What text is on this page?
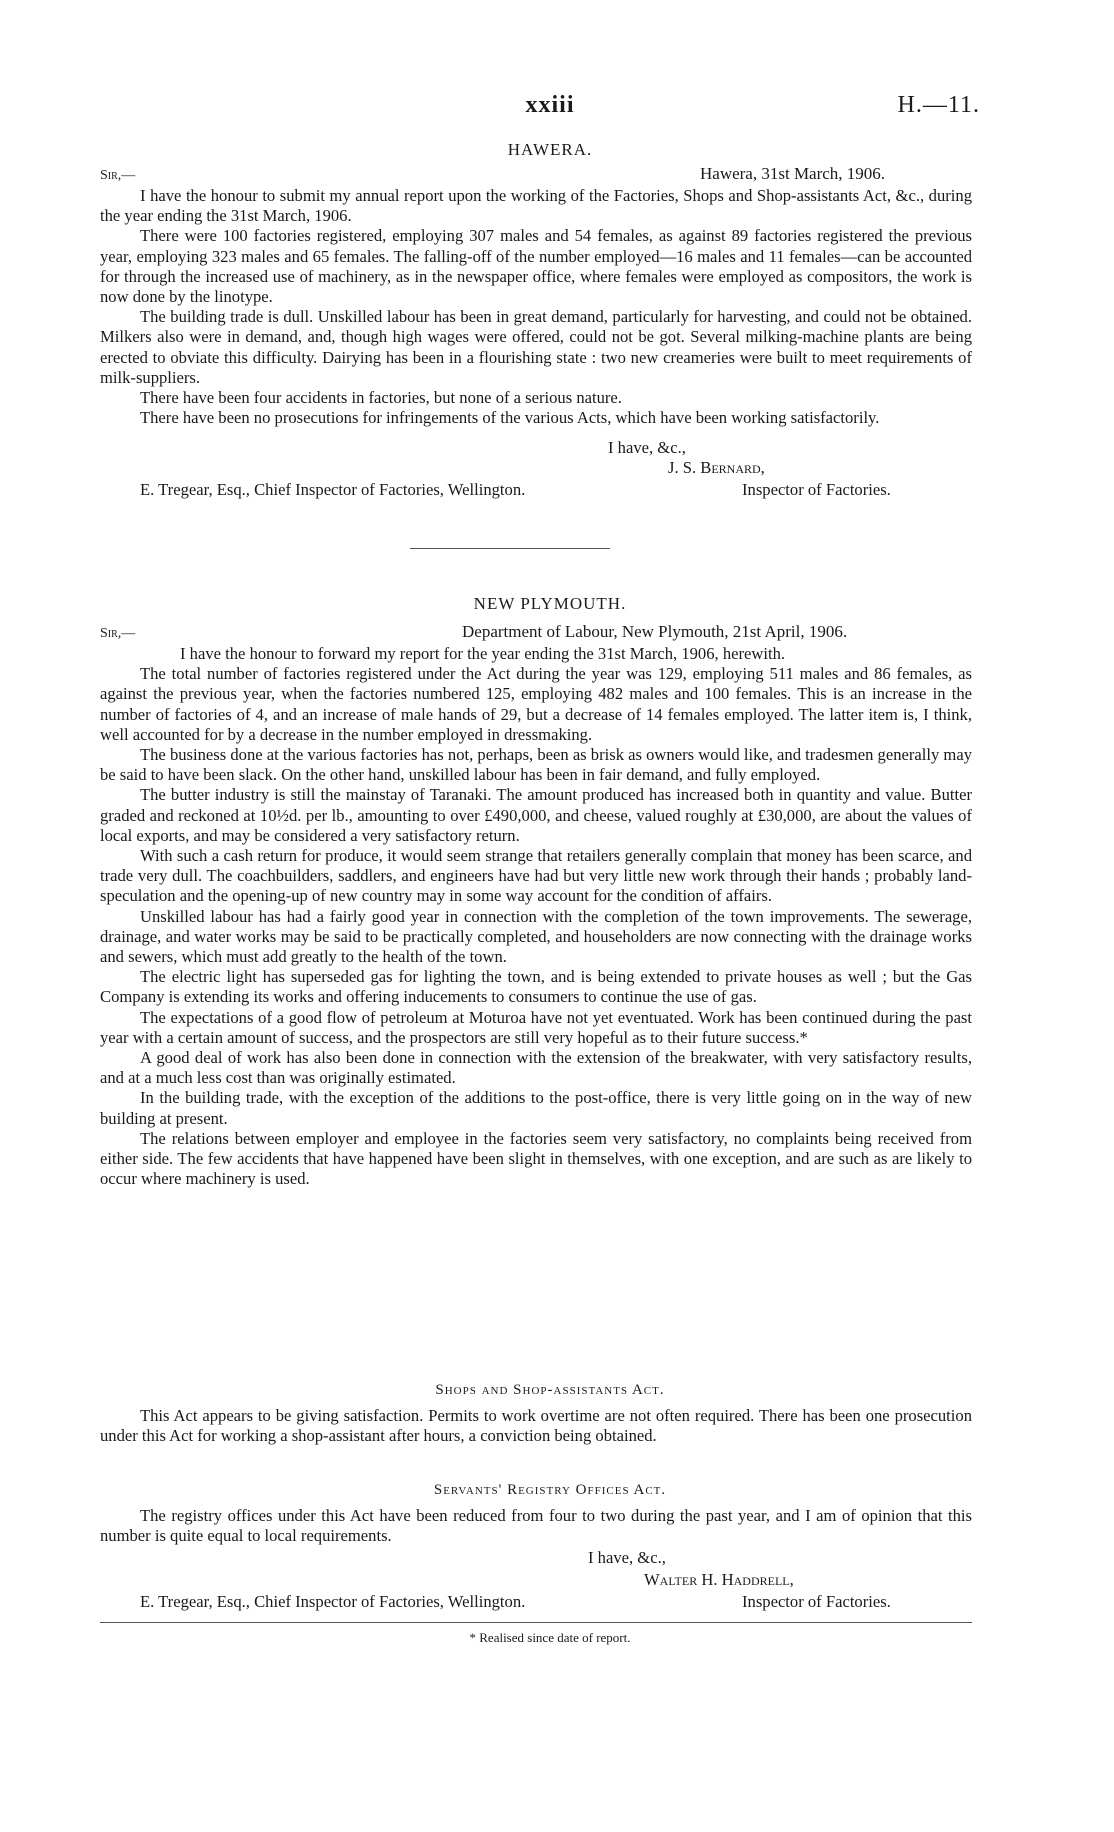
xxiii	H.—11.
HAWERA.
Sir,—	Hawera, 31st March, 1906.

I have the honour to submit my annual report upon the working of the Factories, Shops and Shop-assistants Act, &c., during the year ending the 31st March, 1906.

There were 100 factories registered, employing 307 males and 54 females, as against 89 factories registered the previous year, employing 323 males and 65 females. The falling-off of the number employed—16 males and 11 females—can be accounted for through the increased use of machinery, as in the newspaper office, where females were employed as compositors, the work is now done by the linotype.

The building trade is dull. Unskilled labour has been in great demand, particularly for harvesting, and could not be obtained. Milkers also were in demand, and, though high wages were offered, could not be got. Several milking-machine plants are being erected to obviate this difficulty. Dairying has been in a flourishing state : two new creameries were built to meet requirements of milk-suppliers.

There have been four accidents in factories, but none of a serious nature.

There have been no prosecutions for infringements of the various Acts, which have been working satisfactorily.

I have, &c.,
J. S. Bernard,
E. Tregear, Esq., Chief Inspector of Factories, Wellington.	Inspector of Factories.
NEW PLYMOUTH.
Sir,—	Department of Labour, New Plymouth, 21st April, 1906.

I have the honour to forward my report for the year ending the 31st March, 1906, herewith.

The total number of factories registered under the Act during the year was 129, employing 511 males and 86 females, as against the previous year, when the factories numbered 125, employing 482 males and 100 females. This is an increase in the number of factories of 4, and an increase of male hands of 29, but a decrease of 14 females employed. The latter item is, I think, well accounted for by a decrease in the number employed in dressmaking.

The business done at the various factories has not, perhaps, been as brisk as owners would like, and tradesmen generally may be said to have been slack. On the other hand, unskilled labour has been in fair demand, and fully employed.

The butter industry is still the mainstay of Taranaki. The amount produced has increased both in quantity and value. Butter graded and reckoned at 10½d. per lb., amounting to over £490,000, and cheese, valued roughly at £30,000, are about the values of local exports, and may be considered a very satisfactory return.

With such a cash return for produce, it would seem strange that retailers generally complain that money has been scarce, and trade very dull. The coachbuilders, saddlers, and engineers have had but very little new work through their hands ; probably land-speculation and the opening-up of new country may in some way account for the condition of affairs.

Unskilled labour has had a fairly good year in connection with the completion of the town improvements. The sewerage, drainage, and water works may be said to be practically completed, and householders are now connecting with the drainage works and sewers, which must add greatly to the health of the town.

The electric light has superseded gas for lighting the town, and is being extended to private houses as well ; but the Gas Company is extending its works and offering inducements to consumers to continue the use of gas.

The expectations of a good flow of petroleum at Moturoa have not yet eventuated. Work has been continued during the past year with a certain amount of success, and the prospectors are still very hopeful as to their future success.*

A good deal of work has also been done in connection with the extension of the breakwater, with very satisfactory results, and at a much less cost than was originally estimated.

In the building trade, with the exception of the additions to the post-office, there is very little going on in the way of new building at present.

The relations between employer and employee in the factories seem very satisfactory, no complaints being received from either side. The few accidents that have happened have been slight in themselves, with one exception, and are such as are likely to occur where machinery is used.

Shops and Shop-assistants Act.

This Act appears to be giving satisfaction. Permits to work overtime are not often required. There has been one prosecution under this Act for working a shop-assistant after hours, a conviction being obtained.

Servants' Registry Offices Act.

The registry offices under this Act have been reduced from four to two during the past year, and I am of opinion that this number is quite equal to local requirements.

I have, &c.,
Walter H. Haddrell,
E. Tregear, Esq., Chief Inspector of Factories, Wellington.	Inspector of Factories.
* Realised since date of report.
